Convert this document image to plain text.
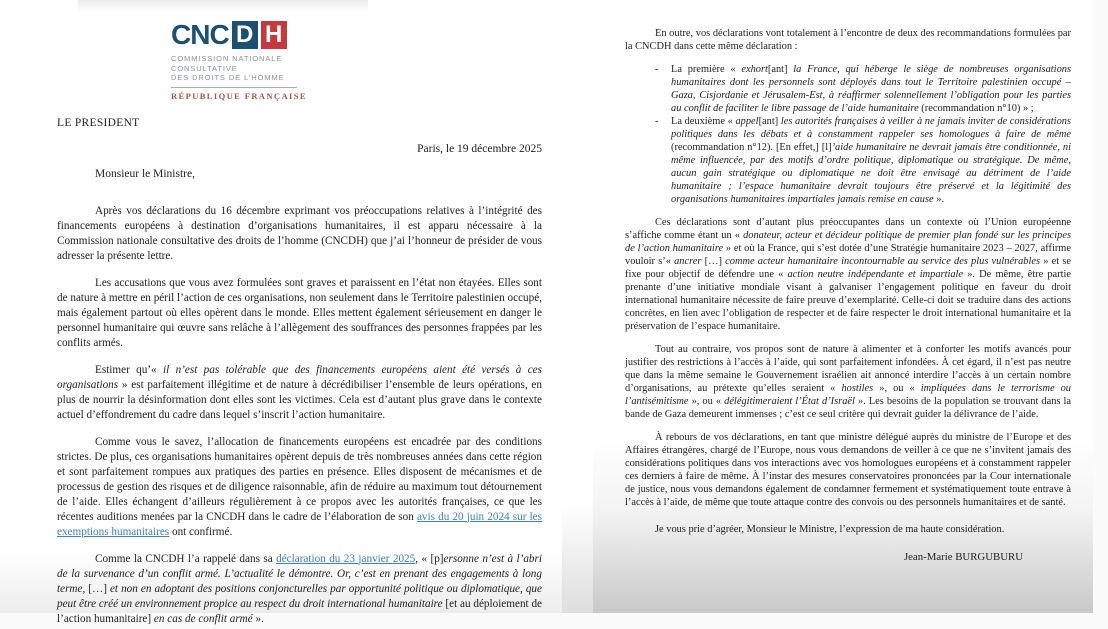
CNC D H
COMMISSION NATIONALE
CONSULTATIVE
DES DROITS DE L’HOMME
RÉPUBLIQUE FRANÇAISE
LE PRESIDENT
Paris, le 19 décembre 2025
Monsieur le Ministre,

Après vos déclarations du 16 décembre exprimant vos préoccupations relatives à l’intégrité des financements européens à destination d’organisations humanitaires, il est apparu nécessaire à la Commission nationale consultative des droits de l’homme (CNCDH) que j’ai l’honneur de présider de vous adresser la présente lettre.

Les accusations que vous avez formulées sont graves et paraissent en l’état non étayées. Elles sont de nature à mettre en péril l’action de ces organisations, non seulement dans le Territoire palestinien occupé, mais également partout où elles opèrent dans le monde. Elles mettent également sérieusement en danger le personnel humanitaire qui œuvre sans relâche à l’allègement des souffrances des personnes frappées par les conflits armés.

Estimer qu’« il n’est pas tolérable que des financements européens aient été versés à ces organisations » est parfaitement illégitime et de nature à décrédibiliser l’ensemble de leurs opérations, en plus de nourrir la désinformation dont elles sont les victimes. Cela est d’autant plus grave dans le contexte actuel d’effondrement du cadre dans lequel s’inscrit l’action humanitaire.

Comme vous le savez, l’allocation de financements européens est encadrée par des conditions strictes. De plus, ces organisations humanitaires opèrent depuis de très nombreuses années dans cette région et sont parfaitement rompues aux pratiques des parties en présence. Elles disposent de mécanismes et de processus de gestion des risques et de diligence raisonnable, afin de réduire au maximum tout détournement de l’aide. Elles échangent d’ailleurs régulièrement à ce propos avec les autorités françaises, ce que les récentes auditions menées par la CNCDH dans le cadre de l’élaboration de son avis du 20 juin 2024 sur les exemptions humanitaires ont confirmé.

Comme la CNCDH l’a rappelé dans sa déclaration du 23 janvier 2025, « [p]ersonne n’est à l’abri de la survenance d’un conflit armé. L’actualité le démontre. Or, c’est en prenant des engagements à long terme, […] et non en adoptant des positions conjoncturelles par opportunité politique ou diplomatique, que peut être créé un environnement propice au respect du droit international humanitaire [et au déploiement de l’action humanitaire] en cas de conflit armé ».

En outre, vos déclarations vont totalement à l’encontre de deux des recommandations formulées par la CNCDH dans cette même déclaration :

-	La première « exhort[ant] la France, qui héberge le siège de nombreuses organisations humanitaires dont les personnels sont déployés dans tout le Territoire palestinien occupé – Gaza, Cisjordanie et Jérusalem-Est, à réaffirmer solennellement l’obligation pour les parties au conflit de faciliter le libre passage de l’aide humanitaire (recommandation n°10) » ;
-	La deuxième « appel[ant] les autorités françaises à veiller à ne jamais inviter de considérations politiques dans les débats et à constamment rappeler ses homologues à faire de même (recommandation n°12). [En effet,] [l]’aide humanitaire ne devrait jamais être conditionnée, ni même influencée, par des motifs d’ordre politique, diplomatique ou stratégique. De même, aucun gain stratégique ou diplomatique ne doit être envisagé au détriment de l’aide humanitaire ; l’espace humanitaire devrait toujours être préservé et la légitimité des organisations humanitaires impartiales jamais remise en cause ».

Ces déclarations sont d’autant plus préoccupantes dans un contexte où l’Union européenne s’affiche comme étant un « donateur, acteur et décideur politique de premier plan fondé sur les principes de l’action humanitaire » et où la France, qui s’est dotée d’une Stratégie humanitaire 2023 – 2027, affirme vouloir s’« ancrer […] comme acteur humanitaire incontournable au service des plus vulnérables » et se fixe pour objectif de défendre une « action neutre indépendante et impartiale ». De même, être partie prenante d’une initiative mondiale visant à galvaniser l’engagement politique en faveur du droit international humanitaire nécessite de faire preuve d’exemplarité. Celle-ci doit se traduire dans des actions concrètes, en lien avec l’obligation de respecter et de faire respecter le droit international humanitaire et la préservation de l’espace humanitaire.

Tout au contraire, vos propos sont de nature à alimenter et à conforter les motifs avancés pour justifier des restrictions à l’accès à l’aide, qui sont parfaitement infondées. À cet égard, il n’est pas neutre que dans la même semaine le Gouvernement israélien ait annoncé interdire l’accès à un certain nombre d’organisations, au prétexte qu’elles seraient « hostiles », ou « impliquées dans le terrorisme ou l’antisémitisme », ou « délégitimeraient l’État d’Israël ». Les besoins de la population se trouvant dans la bande de Gaza demeurent immenses ; c’est ce seul critère qui devrait guider la délivrance de l’aide.

À rebours de vos déclarations, en tant que ministre délégué auprès du ministre de l’Europe et des Affaires étrangères, chargé de l’Europe, nous vous demandons de veiller à ce que ne s’invitent jamais des considérations politiques dans vos interactions avec vos homologues européens et à constamment rappeler ces derniers à faire de même. À l’instar des mesures conservatoires prononcées par la Cour internationale de justice, nous vous demandons également de condamner fermement et systématiquement toute entrave à l’accès à l’aide, de même que toute attaque contre des convois ou des personnels humanitaires et de santé.

Je vous prie d’agréer, Monsieur le Ministre, l’expression de ma haute considération.

Jean-Marie BURGUBURU
